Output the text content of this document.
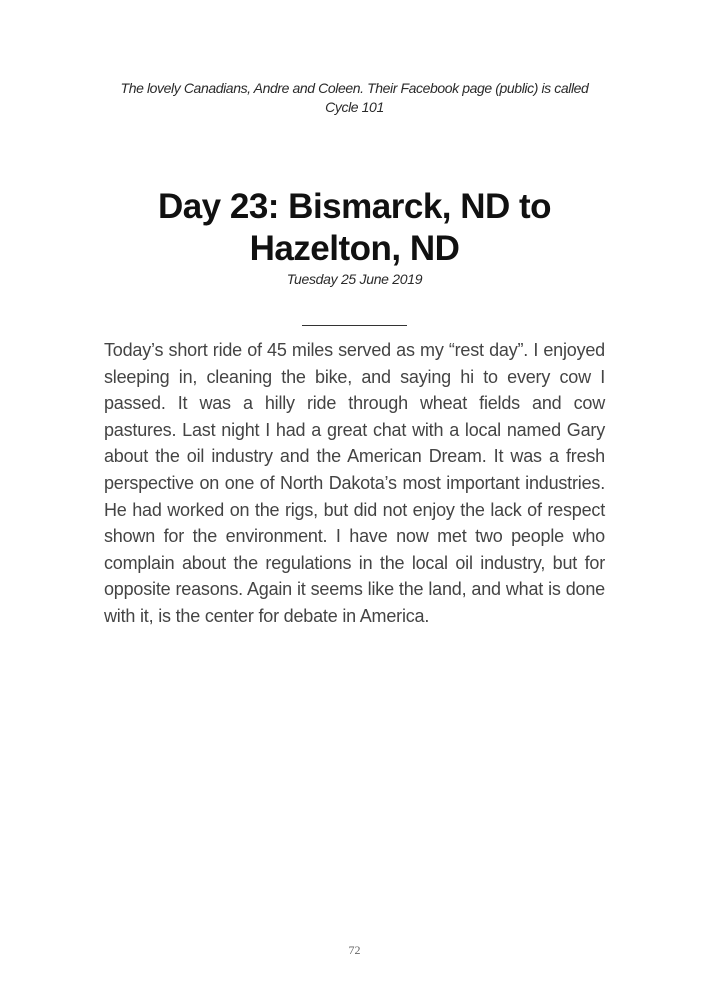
The lovely Canadians, Andre and Coleen. Their Facebook page (public) is called Cycle 101
Day 23: Bismarck, ND to Hazelton, ND
Tuesday 25 June 2019

Today’s short ride of 45 miles served as my “rest day”. I enjoyed sleeping in, cleaning the bike, and saying hi to every cow I passed. It was a hilly ride through wheat fields and cow pastures. Last night I had a great chat with a local named Gary about the oil industry and the American Dream. It was a fresh perspective on one of North Dakota’s most important industries. He had worked on the rigs, but did not enjoy the lack of respect shown for the environment. I have now met two people who complain about the regulations in the local oil industry, but for opposite reasons. Again it seems like the land, and what is done with it, is the center for debate in America.

72
